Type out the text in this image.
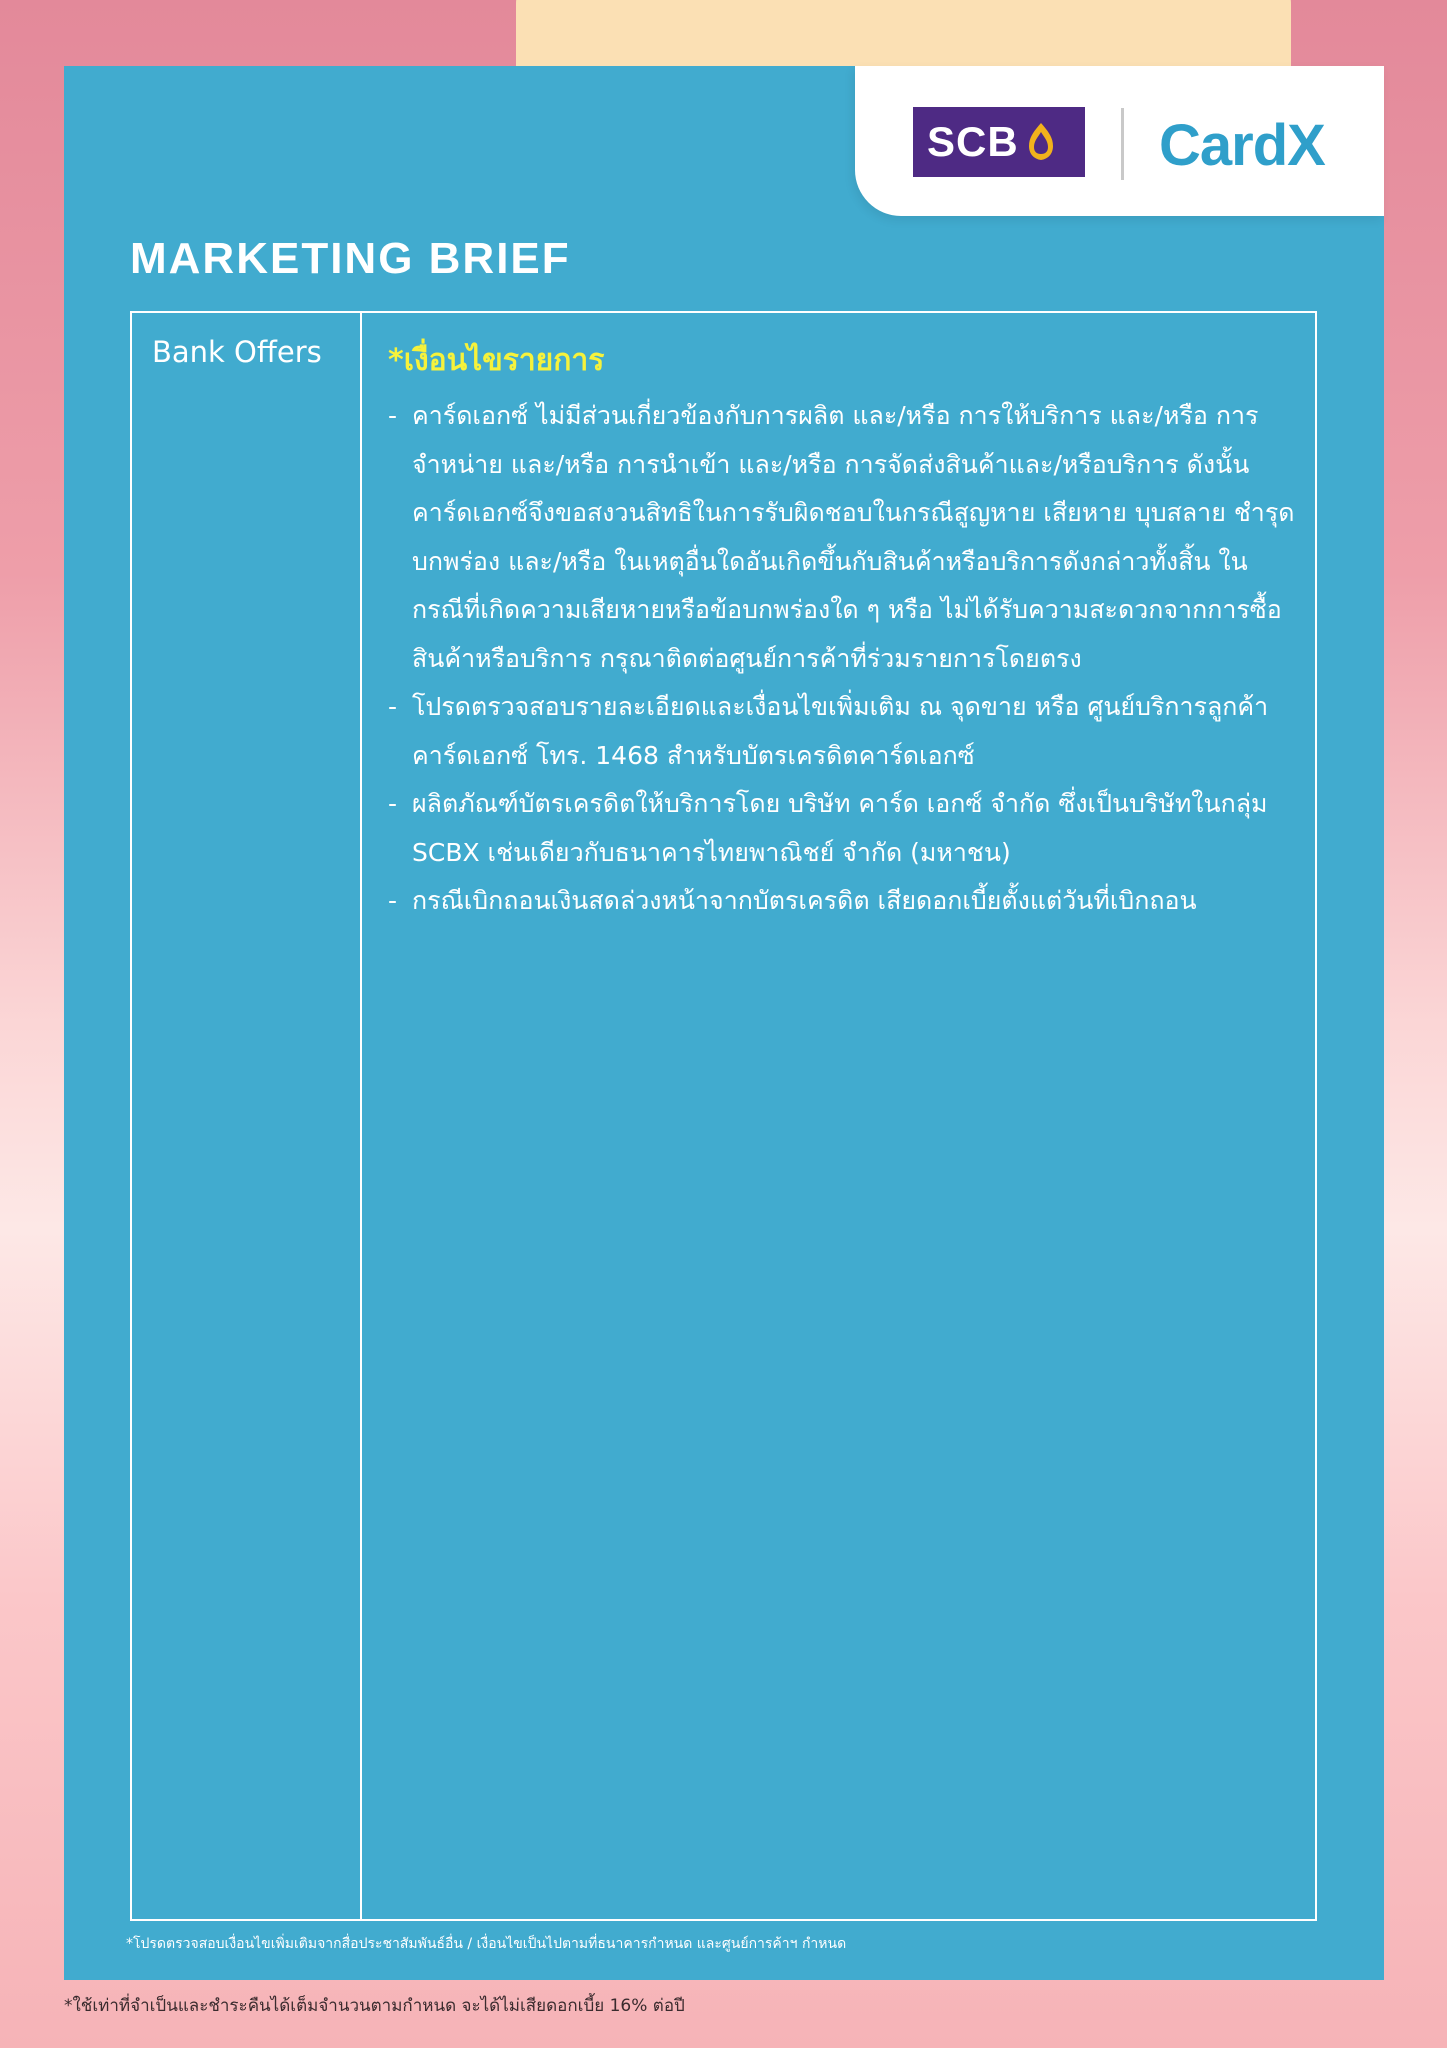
SCB CardX
MARKETING BRIEF
Bank Offers *เงื่อนไขรายการ
- คาร์ดเอกซ์ ไม่มีส่วนเกี่ยวข้องกับการผลิต และ/หรือ การให้บริการ และ/หรือ การจำหน่าย และ/หรือ การนำเข้า และ/หรือ การจัดส่งสินค้าและ/หรือบริการ ดังนั้น คาร์ดเอกซ์จึงขอสงวนสิทธิในการรับผิดชอบในกรณีสูญหาย เสียหาย บุบสลาย ชำรุด บกพร่อง และ/หรือ ในเหตุอื่นใดอันเกิดขึ้นกับสินค้าหรือบริการดังกล่าวทั้งสิ้น ในกรณีที่เกิดความเสียหายหรือข้อบกพร่องใด ๆ หรือ ไม่ได้รับความสะดวกจากการซื้อสินค้าหรือบริการ กรุณาติดต่อศูนย์การค้าที่ร่วมรายการโดยตรง
- โปรดตรวจสอบรายละเอียดและเงื่อนไขเพิ่มเติม ณ จุดขาย หรือ ศูนย์บริการลูกค้าคาร์ดเอกซ์ โทร. 1468 สำหรับบัตรเครดิตคาร์ดเอกซ์
- ผลิตภัณฑ์บัตรเครดิตให้บริการโดย บริษัท คาร์ด เอกซ์ จำกัด ซึ่งเป็นบริษัทในกลุ่ม SCBX เช่นเดียวกับธนาคารไทยพาณิชย์ จำกัด (มหาชน)
- กรณีเบิกถอนเงินสดล่วงหน้าจากบัตรเครดิต เสียดอกเบี้ยตั้งแต่วันที่เบิกถอน
*โปรดตรวจสอบเงื่อนไขเพิ่มเติมจากสื่อประชาสัมพันธ์อื่น / เงื่อนไขเป็นไปตามที่ธนาคารกำหนด และศูนย์การค้าฯ กำหนด
*ใช้เท่าที่จำเป็นและชำระคืนได้เต็มจำนวนตามกำหนด จะได้ไม่เสียดอกเบี้ย 16% ต่อปี
